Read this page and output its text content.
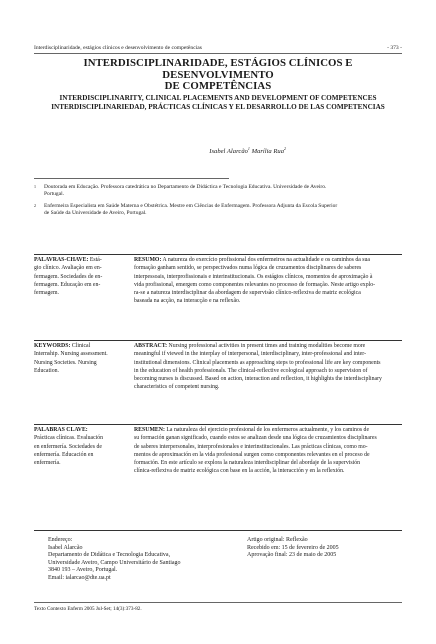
Interdisciplinaridade, estágios clínicos e desenvolvimento de competências	- 373 -

INTERDISCIPLINARIDADE, ESTÁGIOS CLÍNICOS E DESENVOLVIMENTO
DE COMPETÊNCIAS

INTERDISCIPLINARITY, CLINICAL PLACEMENTS AND DEVELOPMENT OF COMPETENCES

INTERDISCIPLINARIEDAD, PRÁCTICAS CLÍNICAS Y EL DESARROLLO DE LAS COMPETENCIAS

Isabel Alarcão$^1$ Marília Rua$^2$
1	Doutorada em Educação. Professora catedrática no Departamento de Didáctica e Tecnologia Educativa. Universidade de Aveiro.
Portugal.
2	Enfermeira Especialista em Saúde Materna e Obstétrica. Mestre em Ciências de Enfermagem. Professora Adjunta da Escola Superior
de Saúde da Universidade de Aveiro, Portugal.
PALAVRAS-CHAVE: Está-
gio clínico. Avaliação em en-
fermagem. Sociedades de en-
fermagem. Educação em en-
fermagem.
RESUMO: A natureza do exercício profissional dos enfermeiros na actualidade e os caminhos da sua
formação ganham sentido, se perspectivados numa lógica de cruzamentos disciplinares de saberes
interpessoais, interprofissionais e interinstitucionais. Os estágios clínicos, momentos de aproximação à
vida profissional, emergem como componentes relevantes no processo de formação. Neste artigo explo-
ra-se a natureza interdisciplinar da abordagem de supervisão clínico-reflexiva de matriz ecológica
baseada na acção, na interacção e na reflexão.
KEYWORDS: Clinical
Internship. Nursing assessment.
Nursing Societies. Nursing
Education.
ABSTRACT: Nursing professional activities in present times and training modalities become more
meaningful if viewed in the interplay of interpersonal, interdisciplinary, inter-professional and inter-
institutional dimensions. Clinical placements as approaching steps to professional life are key components
in the education of health professionals. The clinical-reflective ecological approach to supervision of
becoming nurses is discussed. Based on action, interaction and reflection, it highlights the interdisciplinary
characteristics of competent nursing.
PALABRAS CLAVE:
Prácticas clínicas. Evaluación
en enfermería. Sociedades de
enfermería. Educación en
enfermería.
RESUMEN: La naturaleza del ejercicio profesional de los enfermeros actualmente, y los caminos de
su formación ganan significado, cuando estos se analizan desde una lógica de cruzamientos disciplinares
de saberes interpersonales, interprofesionales e interinstitucionales. Las prácticas clínicas, como mo-
mentos de aproximación en la vida profesional surgen como componentes relevantes en el proceso de
formación. En este artículo se explora la naturaleza interdisciplinar del abordaje de la supervisión
clínica-reflexiva de matriz ecológica con base en la acción, la interacción y en la reflexión.
Endereço:
Isabel Alarcão
Departamento de Didática e Tecnologia Educativa,
Universidade Aveiro, Campo Universitário de Santiago
3840 193 – Aveiro, Portugal.
Email: ialarcao@dte.ua.pt
Artigo original: Reflexão
Recebido em: 15 de fevereiro de 2005
Aprovação final: 23 de maio de 2005
Texto Contexto Enferm 2005 Jul-Set; 14(3):373-82.
